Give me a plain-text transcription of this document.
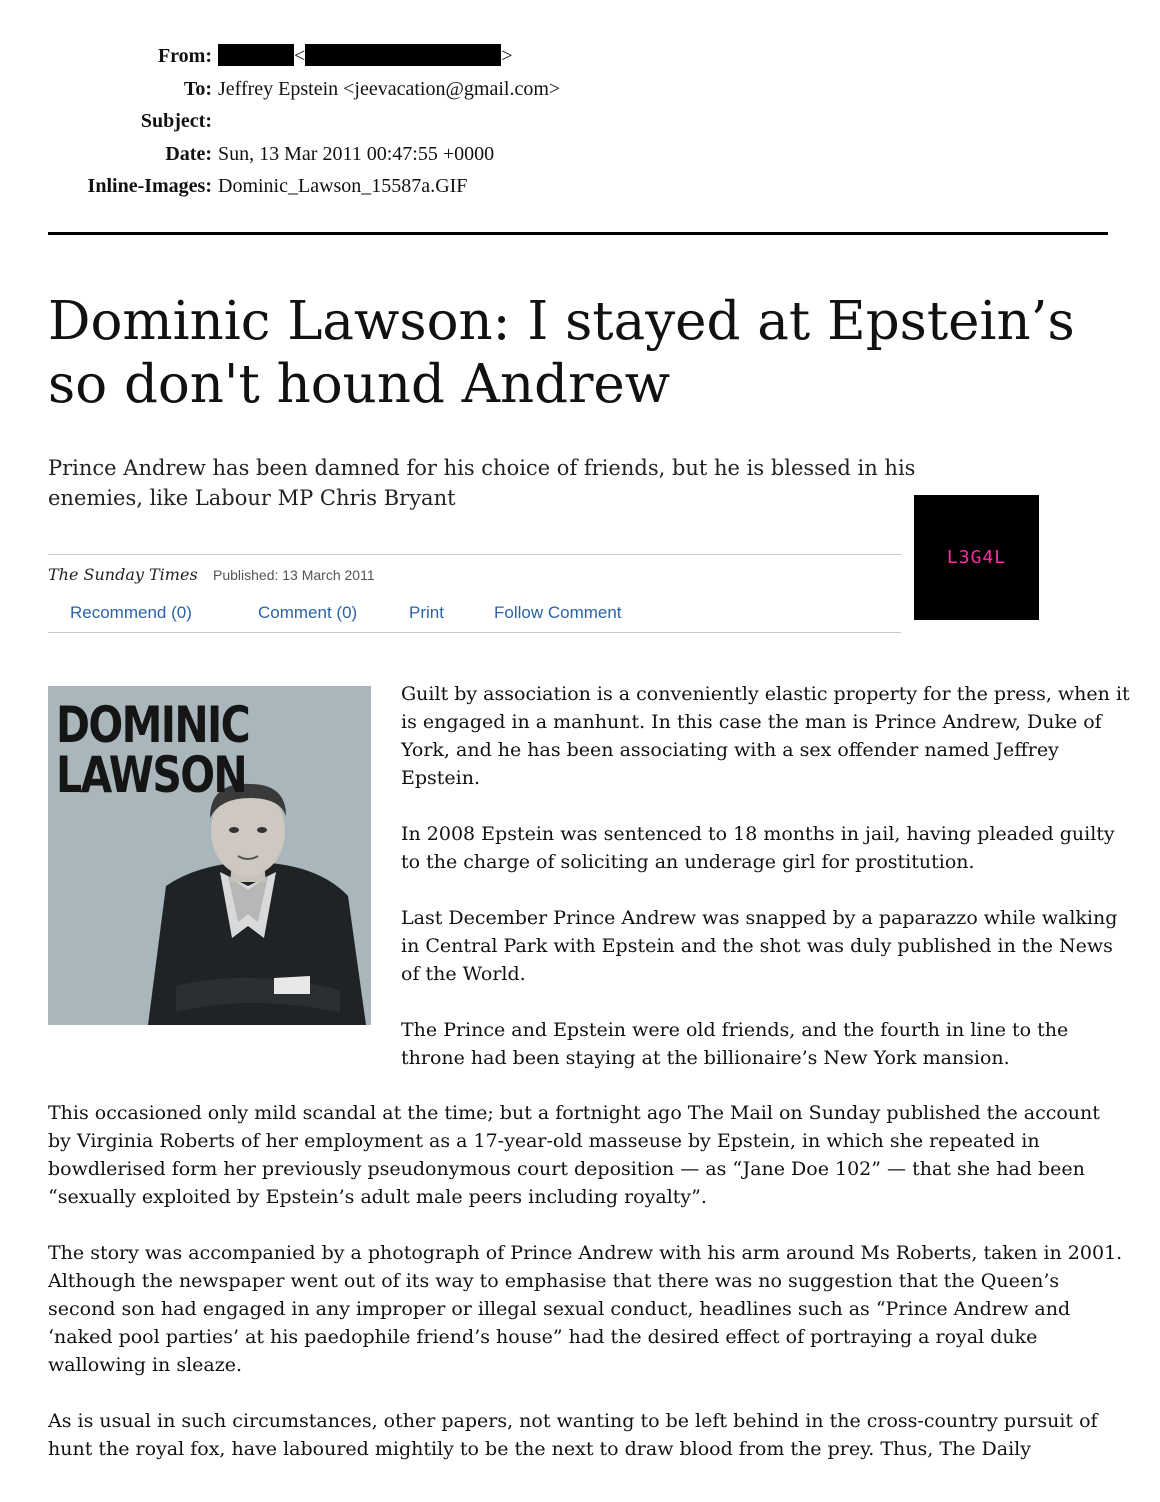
From:	<	>
To: Jeffrey Epstein <jeevacation@gmail.com>
Subject:
Date: Sun, 13 Mar 2011 00:47:55 +0000
Inline-Images: Dominic_Lawson_15587a.GIF
Dominic Lawson: I stayed at Epstein’s so don't hound Andrew
Prince Andrew has been damned for his choice of friends, but he is blessed in his enemies, like Labour MP Chris Bryant
The Sunday Times Published: 13 March 2011
Recommend (0)	Comment (0)	Print	Follow Comment
L3G4L
DOMINIC
LAWSON

Guilt by association is a conveniently elastic property for the press, when it is engaged in a manhunt. In this case the man is Prince Andrew, Duke of York, and he has been associating with a sex offender named Jeffrey Epstein.

In 2008 Epstein was sentenced to 18 months in jail, having pleaded guilty to the charge of soliciting an underage girl for prostitution.

Last December Prince Andrew was snapped by a paparazzo while walking in Central Park with Epstein and the shot was duly published in the News of the World.

The Prince and Epstein were old friends, and the fourth in line to the throne had been staying at the billionaire’s New York mansion.

This occasioned only mild scandal at the time; but a fortnight ago The Mail on Sunday published the account by Virginia Roberts of her employment as a 17-year-old masseuse by Epstein, in which she repeated in bowdlerised form her previously pseudonymous court deposition — as “Jane Doe 102” — that she had been “sexually exploited by Epstein’s adult male peers including royalty”.

The story was accompanied by a photograph of Prince Andrew with his arm around Ms Roberts, taken in 2001. Although the newspaper went out of its way to emphasise that there was no suggestion that the Queen’s second son had engaged in any improper or illegal sexual conduct, headlines such as “Prince Andrew and ‘naked pool parties’ at his paedophile friend’s house” had the desired effect of portraying a royal duke wallowing in sleaze.

As is usual in such circumstances, other papers, not wanting to be left behind in the cross-country pursuit of hunt the royal fox, have laboured mightily to be the next to draw blood from the prey. Thus, The Daily
